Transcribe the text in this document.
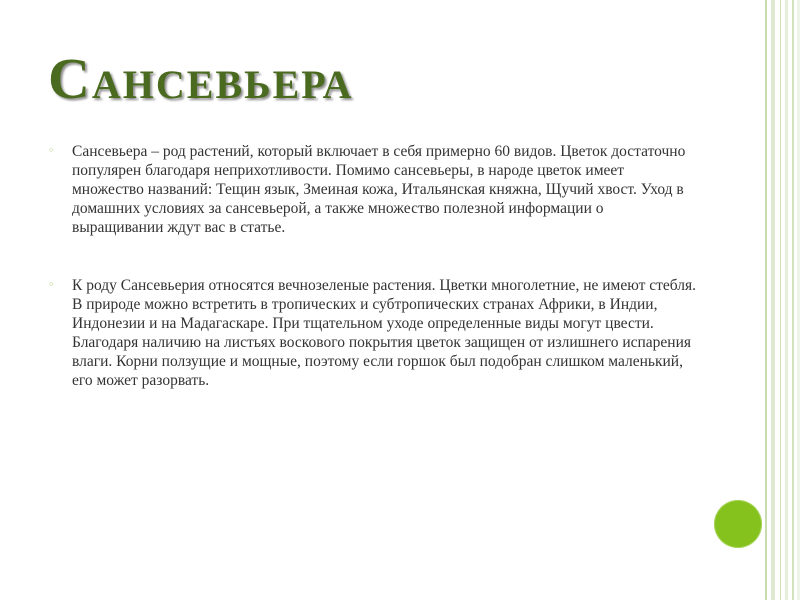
САНСЕВЬЕРА
◦ Сансевьера – род растений, который включает в себя примерно 60 видов. Цветок достаточно популярен благодаря неприхотливости. Помимо сансевьеры, в народе цветок имеет множество названий: Тещин язык, Змеиная кожа, Итальянская княжна, Щучий хвост. Уход в домашних условиях за сансевьерой, а также множество полезной информации о выращивании ждут вас в статье.
◦ К роду Сансевьерия относятся вечнозеленые растения. Цветки многолетние, не имеют стебля. В природе можно встретить в тропических и субтропических странах Африки, в Индии, Индонезии и на Мадагаскаре. При тщательном уходе определенные виды могут цвести. Благодаря наличию на листьях воскового покрытия цветок защищен от излишнего испарения влаги. Корни ползущие и мощные, поэтому если горшок был подобран слишком маленький, его может разорвать.
